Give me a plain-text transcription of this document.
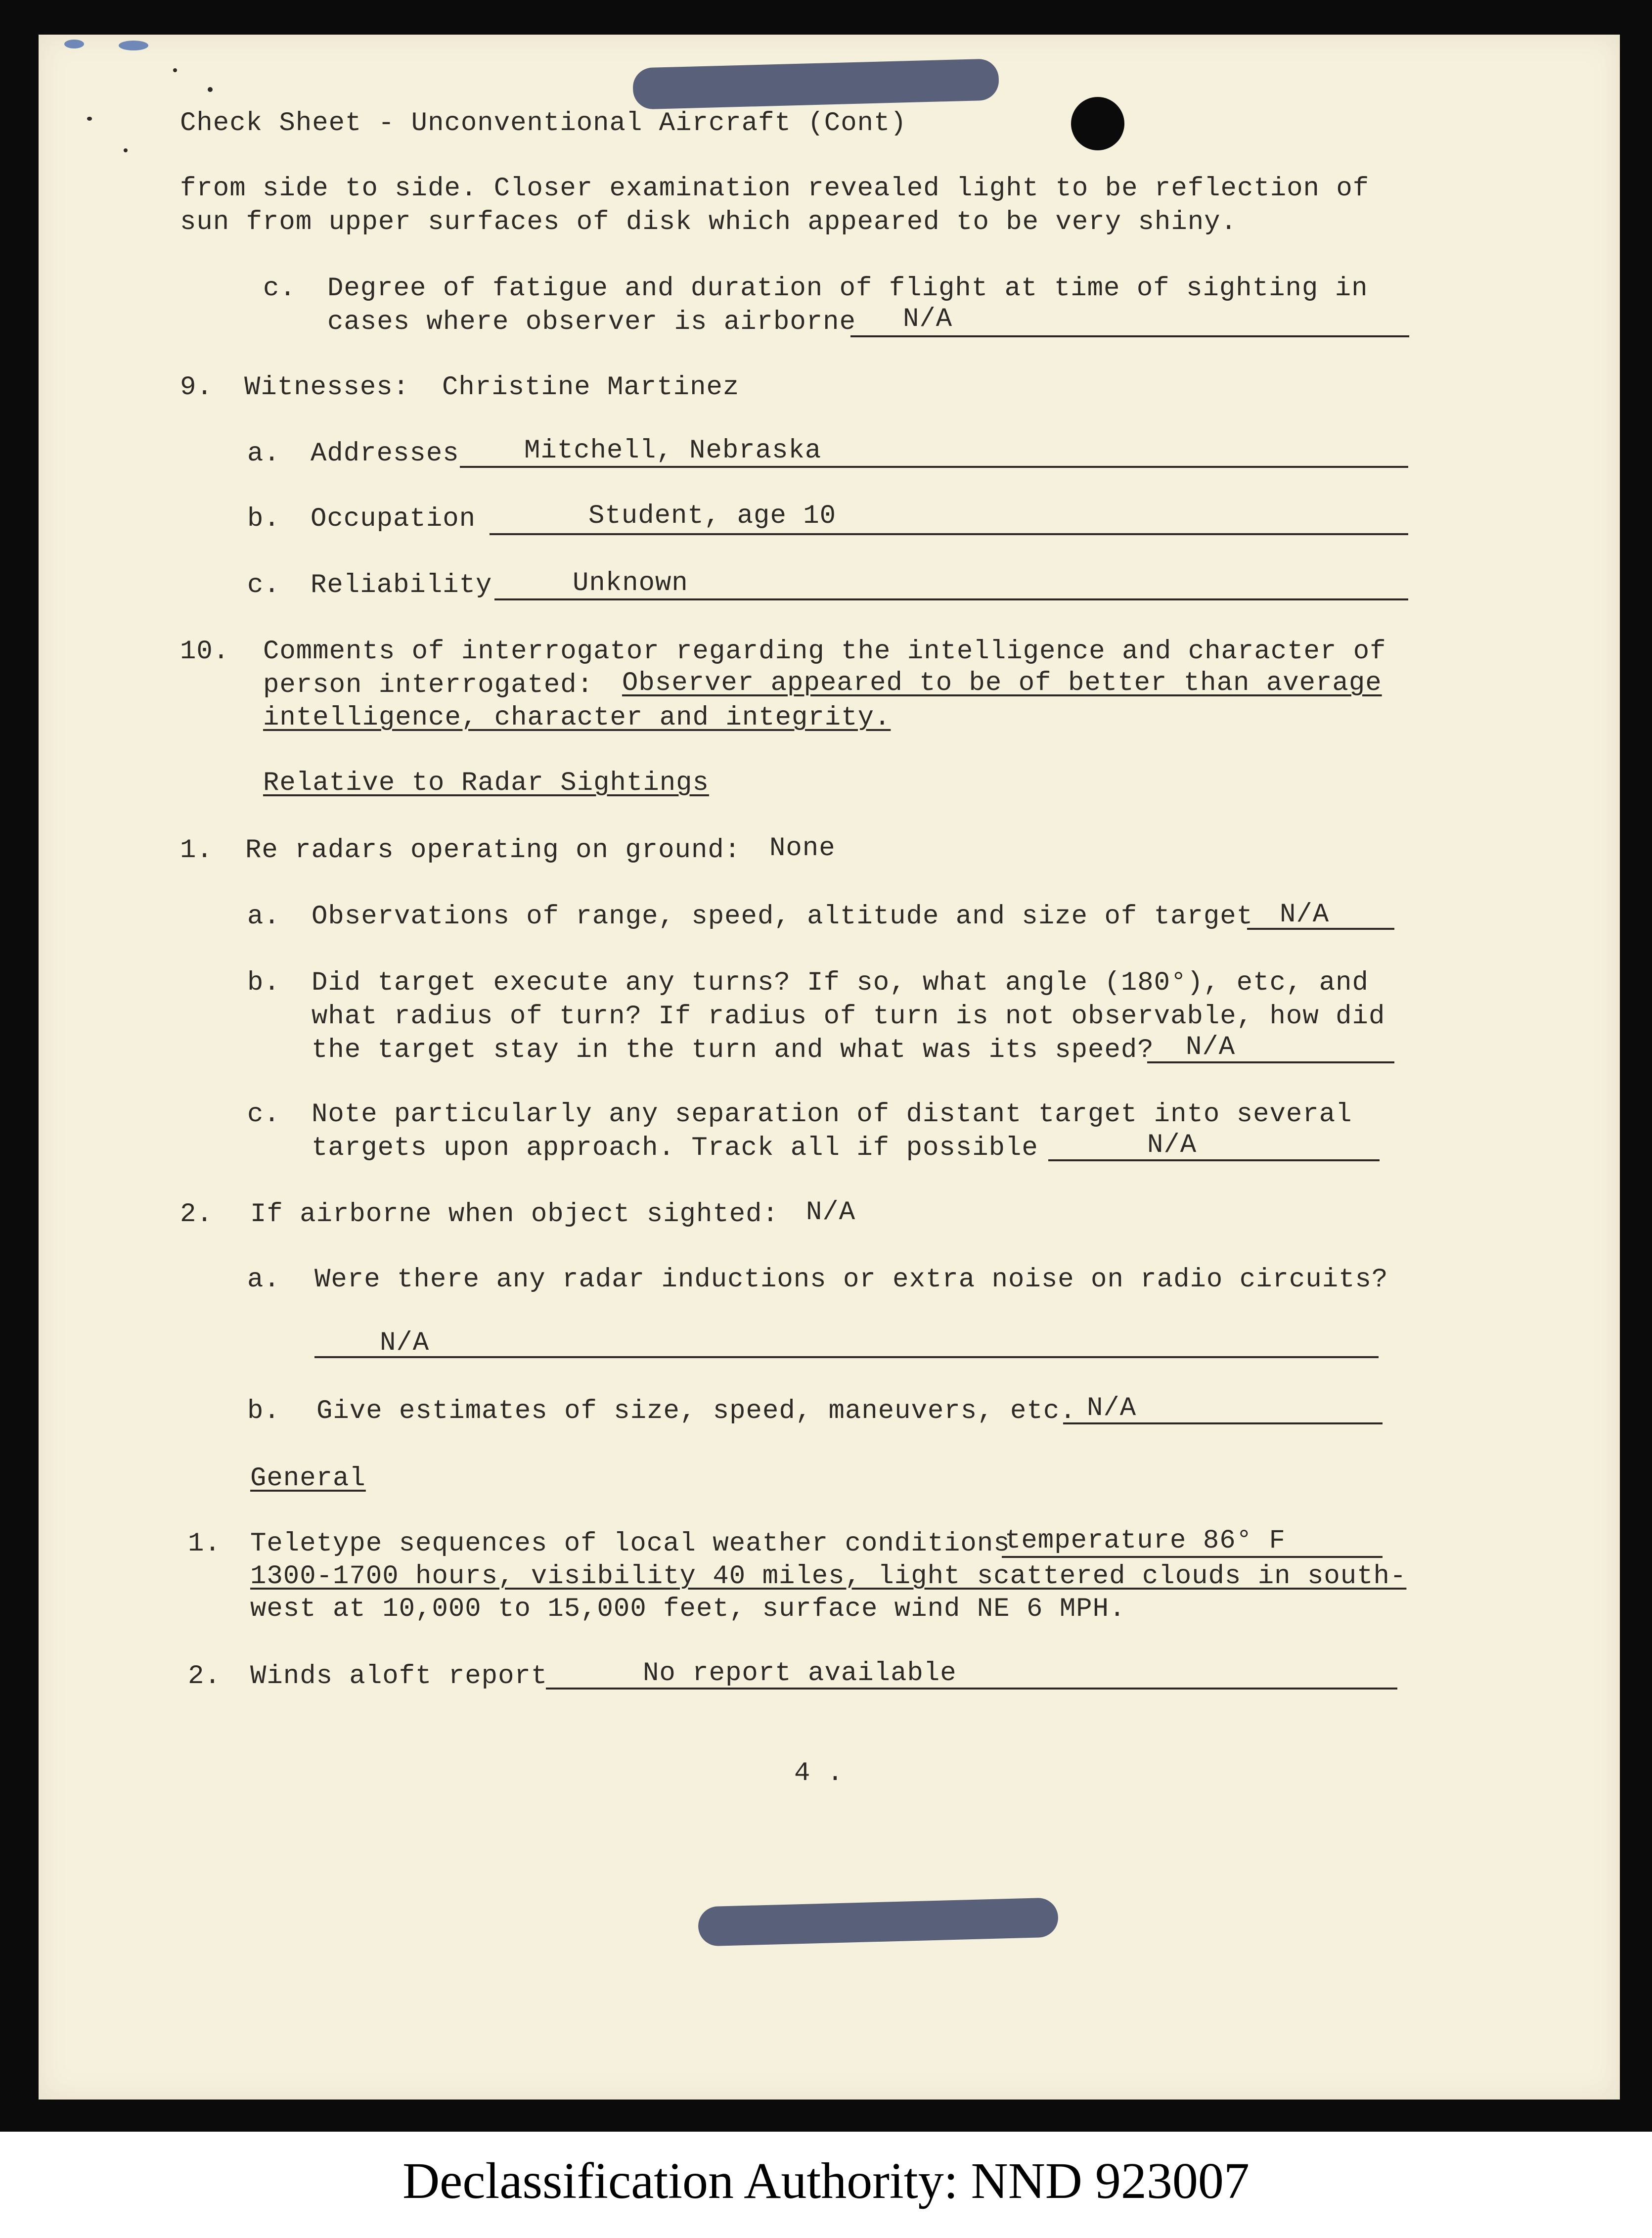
Check Sheet - Unconventional Aircraft (Cont)
from side to side. Closer examination revealed light to be reflection of
sun from upper surfaces of disk which appeared to be very shiny.
c. Degree of fatigue and duration of flight at time of sighting in
cases where observer is airborne N/A
9. Witnesses: Christine Martinez
a. Addresses Mitchell, Nebraska
b. Occupation	Student, age 10
c. Reliability	Unknown
10. Comments of interrogator regarding the intelligence and character of
person interrogated: Observer appeared to be of better than average
intelligence, character and integrity.
Relative to Radar Sightings
1. Re radars operating on ground: None
a. Observations of range, speed, altitude and size of target N/A
b. Did target execute any turns? If so, what angle (180°), etc, and
what radius of turn? If radius of turn is not observable, how did
the target stay in the turn and what was its speed? N/A
c. Note particularly any separation of distant target into several
targets upon approach. Track all if possible	N/A
2. If airborne when object sighted: N/A
a. Were there any radar inductions or extra noise on radio circuits?
N/A
b. Give estimates of size, speed, maneuvers, etc. N/A
General
1. Teletype sequences of local weather conditions
temperature 86° F
1300-1700 hours, visibility 40 miles, light scattered clouds in south-
west at 10,000 to 15,000 feet, surface wind NE 6 MPH.
2. Winds aloft report	No report available
4 .
Declassification Authority: NND 923007
